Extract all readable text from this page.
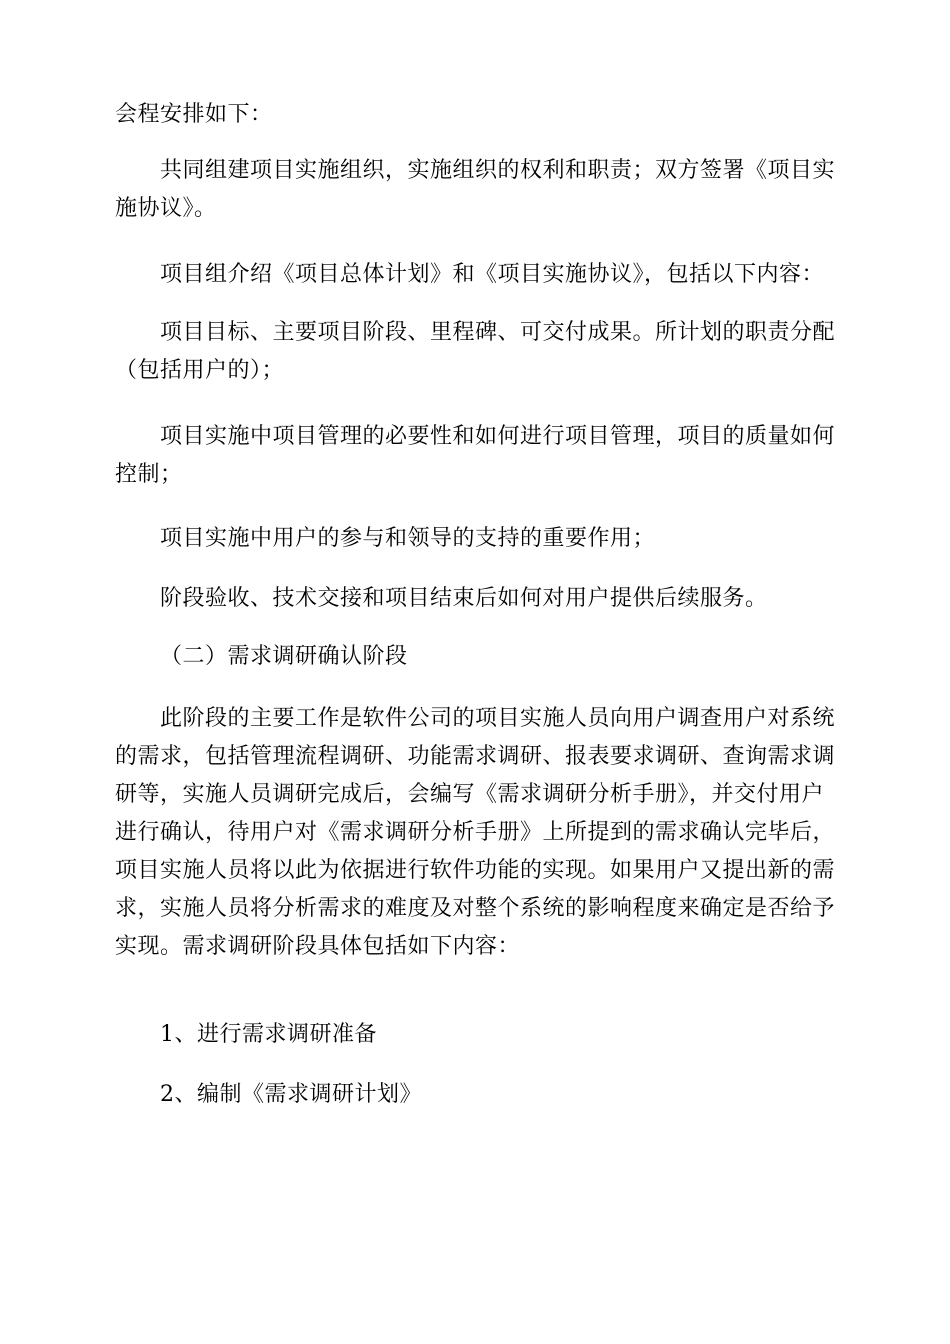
会程安排如下：
共同组建项目实施组织，实施组织的权利和职责；双方签署《项目实
施协议》。
项目组介绍《项目总体计划》和《项目实施协议》，包括以下内容：
项目目标、主要项目阶段、里程碑、可交付成果。所计划的职责分配
（包括用户的）；
项目实施中项目管理的必要性和如何进行项目管理，项目的质量如何
控制；
项目实施中用户的参与和领导的支持的重要作用；
阶段验收、技术交接和项目结束后如何对用户提供后续服务。
（二）需求调研确认阶段
此阶段的主要工作是软件公司的项目实施人员向用户调查用户对系统
的需求，包括管理流程调研、功能需求调研、报表要求调研、查询需求调
研等，实施人员调研完成后，会编写《需求调研分析手册》，并交付用户
进行确认，待用户对《需求调研分析手册》上所提到的需求确认完毕后，
项目实施人员将以此为依据进行软件功能的实现。如果用户又提出新的需
求，实施人员将分析需求的难度及对整个系统的影响程度来确定是否给予
实现。需求调研阶段具体包括如下内容：
1、进行需求调研准备
2、编制《需求调研计划》
